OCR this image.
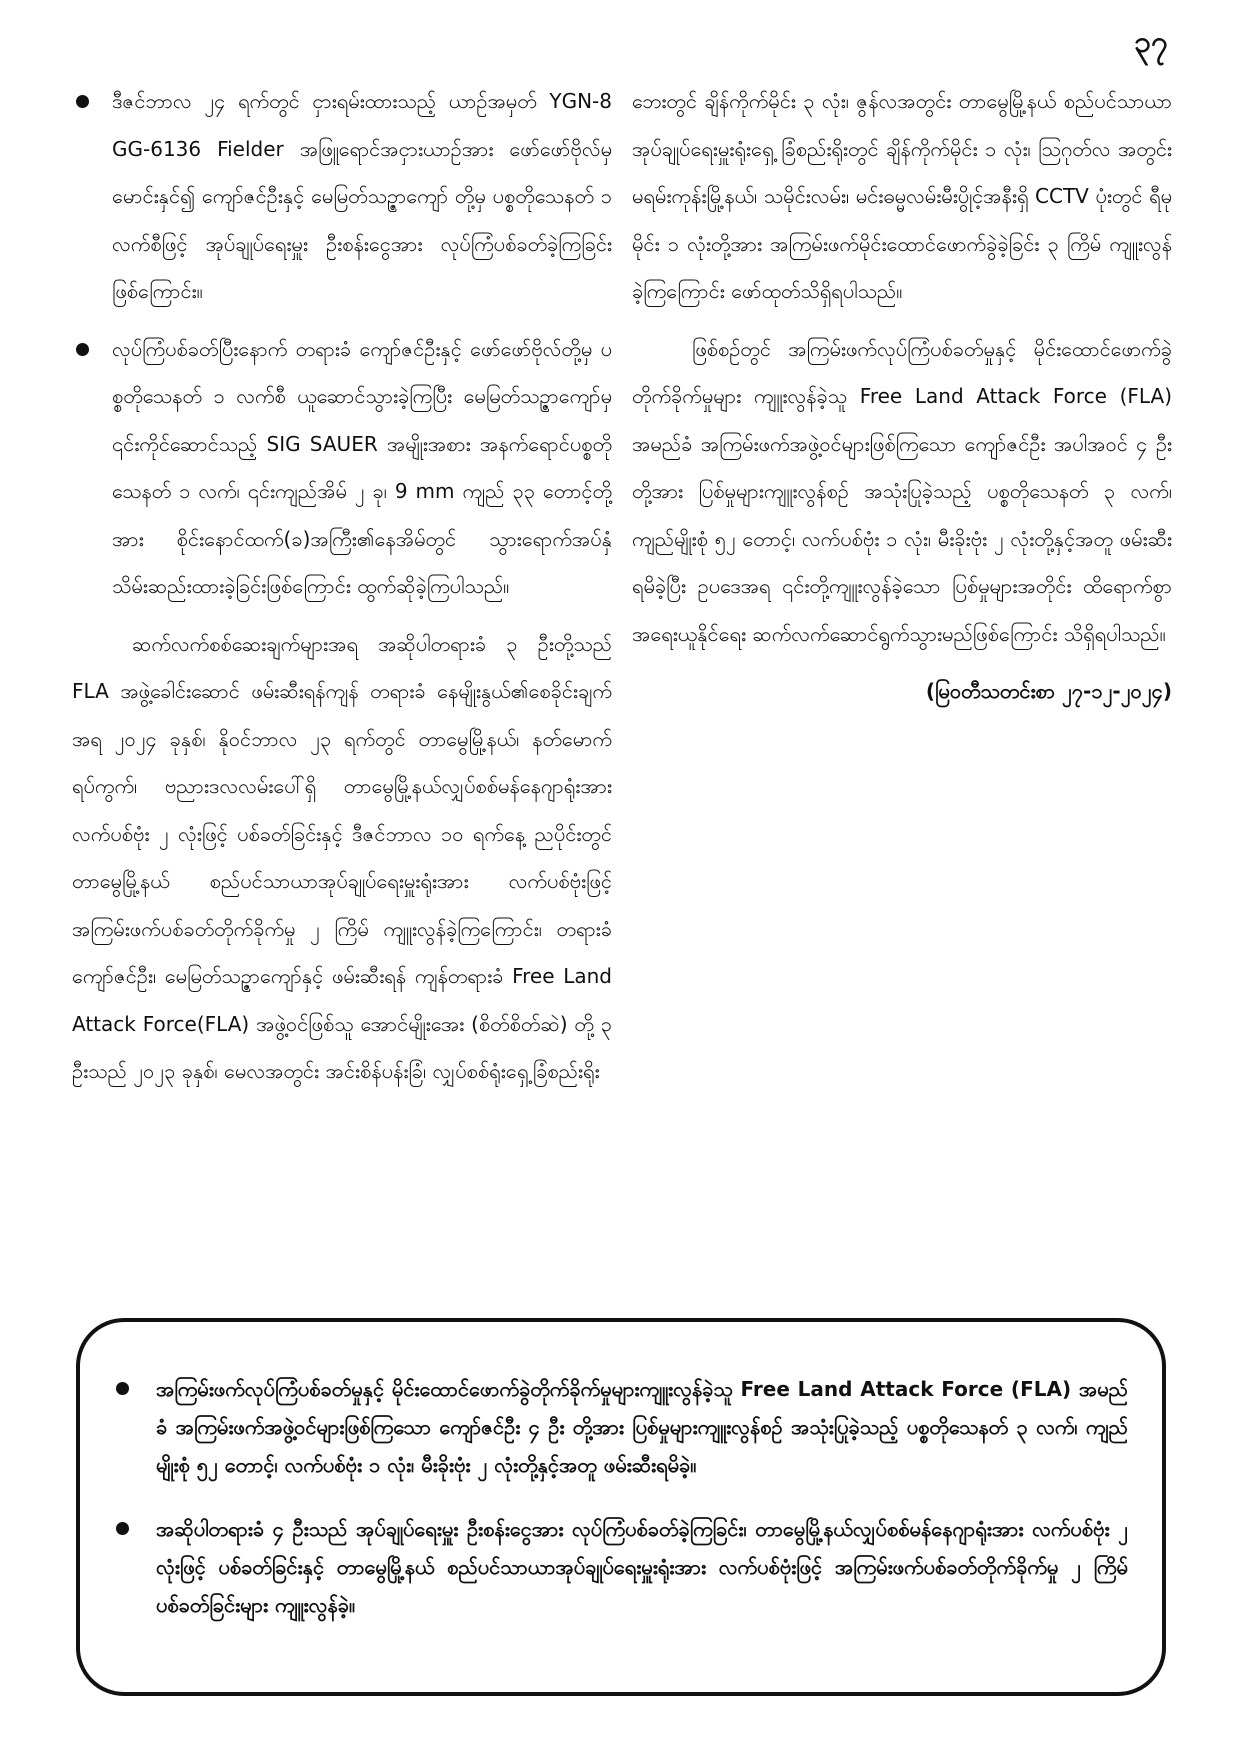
၃၇
ဒီဇင်ဘာလ ၂၄ ရက်တွင် ငှားရမ်းထားသည့် ယာဉ်အမှတ် YGN-8 GG-6136 Fielder အဖြူရောင်အငှားယာဉ်အား ဖော်ဖော်ဗိုလ်မှ မောင်းနှင်၍ ကျော်ဇင်ဦးနှင့် မေမြတ်သဉ္ဇာကျော် တို့မှ ပစ္စတိုသေနတ် ၁ လက်စီဖြင့် အုပ်ချုပ်ရေးမှူး ဦးစန်းငွေအား လုပ်ကြံပစ်ခတ်ခဲ့ကြခြင်းဖြစ်ကြောင်း။
လုပ်ကြံပစ်ခတ်ပြီးနောက် တရားခံ ကျော်ဇင်ဦးနှင့် ဖော်ဖော်ဗိုလ်တို့မှ ပစ္စတိုသေနတ် ၁ လက်စီ ယူဆောင်သွားခဲ့ကြပြီး မေမြတ်သဉ္ဇာကျော်မှ ၎င်းကိုင်ဆောင်သည့် SIG SAUER အမျိုးအစား အနက်ရောင်ပစ္စတိုသေနတ် ၁ လက်၊ ၎င်းကျည်အိမ် ၂ ခု၊ 9 mm ကျည် ၃၃ တောင့်တို့အား စိုင်းနောင်ထက်(ခ)အကြီး၏နေအိမ်တွင် သွားရောက်အပ်နှံသိမ်းဆည်းထားခဲ့ခြင်းဖြစ်ကြောင်း ထွက်ဆိုခဲ့ကြပါသည်။

ဆက်လက်စစ်ဆေးချက်များအရ အဆိုပါတရားခံ ၃ ဦးတို့သည် FLA အဖွဲ့ခေါင်းဆောင် ဖမ်းဆီးရန်ကျန် တရားခံ နေမျိုးနွယ်၏စေခိုင်းချက်အရ ၂၀၂၄ ခုနှစ်၊ နိုဝင်ဘာလ ၂၃ ရက်တွင် တာမွေမြို့နယ်၊ နတ်မောက်ရပ်ကွက်၊ ဗညားဒလလမ်းပေါ်ရှိ တာမွေမြို့နယ်လျှပ်စစ်မန်နေဂျာရုံးအား လက်ပစ်ဗုံး ၂ လုံးဖြင့် ပစ်ခတ်ခြင်းနှင့် ဒီဇင်ဘာလ ၁၀ ရက်နေ့ ညပိုင်းတွင် တာမွေမြို့နယ် စည်ပင်သာယာအုပ်ချုပ်ရေးမှူးရုံးအား လက်ပစ်ဗုံးဖြင့် အကြမ်းဖက်ပစ်ခတ်တိုက်ခိုက်မှု ၂ ကြိမ် ကျူးလွန်ခဲ့ကြကြောင်း၊ တရားခံ ကျော်ဇင်ဦး၊ မေမြတ်သဉ္ဇာကျော်နှင့် ဖမ်းဆီးရန် ကျန်တရားခံ Free Land Attack Force(FLA) အဖွဲ့ဝင်ဖြစ်သူ အောင်မျိုးအေး (စိတ်စိတ်ဆဲ) တို့ ၃ ဦးသည် ၂၀၂၃ ခုနှစ်၊ မေလအတွင်း အင်းစိန်ပန်းခြံ၊ လျှပ်စစ်ရုံးရှေ့ခြံစည်းရိုး

ဘေးတွင် ချိန်ကိုက်မိုင်း ၃ လုံး၊ ဇွန်လအတွင်း တာမွေမြို့နယ် စည်ပင်သာယာအုပ်ချုပ်ရေးမှူးရုံးရှေ့ ခြံစည်းရိုးတွင် ချိန်ကိုက်မိုင်း ၁ လုံး၊ ဩဂုတ်လ အတွင်း မရမ်းကုန်းမြို့နယ်၊ သမိုင်းလမ်း၊ မင်းဓမ္မလမ်းမီးပွိုင့်အနီးရှိ CCTV ပုံးတွင် ရီမုမိုင်း ၁ လုံးတို့အား အကြမ်းဖက်မိုင်းထောင်ဖောက်ခွဲခဲ့ခြင်း ၃ ကြိမ် ကျူးလွန်ခဲ့ကြကြောင်း ဖော်ထုတ်သိရှိရပါသည်။

ဖြစ်စဉ်တွင် အကြမ်းဖက်လုပ်ကြံပစ်ခတ်မှုနှင့် မိုင်းထောင်ဖောက်ခွဲတိုက်ခိုက်မှုများ ကျူးလွန်ခဲ့သူ Free Land Attack Force (FLA) အမည်ခံ အကြမ်းဖက်အဖွဲ့ဝင်များဖြစ်ကြသော ကျော်ဇင်ဦး အပါအဝင် ၄ ဦးတို့အား ပြစ်မှုများကျူးလွန်စဉ် အသုံးပြုခဲ့သည့် ပစ္စတိုသေနတ် ၃ လက်၊ ကျည်မျိုးစုံ ၅၂ တောင့်၊ လက်ပစ်ဗုံး ၁ လုံး၊ မီးခိုးဗုံး ၂ လုံးတို့နှင့်အတူ ဖမ်းဆီးရမိခဲ့ပြီး ဥပဒေအရ ၎င်းတို့ကျူးလွန်ခဲ့သော ပြစ်မှုများအတိုင်း ထိရောက်စွာ အရေးယူနိုင်ရေး ဆက်လက်ဆောင်ရွက်သွားမည်ဖြစ်ကြောင်း သိရှိရပါသည်။

(မြဝတီသတင်းစာ ၂၇-၁၂-၂၀၂၄)

အကြမ်းဖက်လုပ်ကြံပစ်ခတ်မှုနှင့် မိုင်းထောင်ဖောက်ခွဲတိုက်ခိုက်မှုများကျူးလွန်ခဲ့သူ Free Land Attack Force (FLA) အမည်ခံ အကြမ်းဖက်အဖွဲ့ဝင်များဖြစ်ကြသော ကျော်ဇင်ဦး ၄ ဦး တို့အား ပြစ်မှုများကျူးလွန်စဉ် အသုံးပြုခဲ့သည့် ပစ္စတိုသေနတ် ၃ လက်၊ ကျည်မျိုးစုံ ၅၂ တောင့်၊ လက်ပစ်ဗုံး ၁ လုံး၊ မီးခိုးဗုံး ၂ လုံးတို့နှင့်အတူ ဖမ်းဆီးရမိခဲ့။
အဆိုပါတရားခံ ၄ ဦးသည် အုပ်ချုပ်ရေးမှူး ဦးစန်းငွေအား လုပ်ကြံပစ်ခတ်ခဲ့ကြခြင်း၊ တာမွေမြို့နယ်လျှပ်စစ်မန်နေဂျာရုံးအား လက်ပစ်ဗုံး ၂ လုံးဖြင့် ပစ်ခတ်ခြင်းနှင့် တာမွေမြို့နယ် စည်ပင်သာယာအုပ်ချုပ်ရေးမှူးရုံးအား လက်ပစ်ဗုံးဖြင့် အကြမ်းဖက်ပစ်ခတ်တိုက်ခိုက်မှု ၂ ကြိမ်ပစ်ခတ်ခြင်းများ ကျူးလွန်ခဲ့။
